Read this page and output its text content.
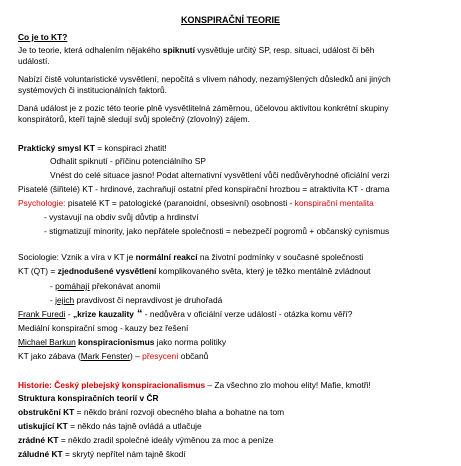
KONSPIRAČNÍ TEORIE
Co je to KT?
Je to teorie, která odhalením nějakého spiknutí vysvětluje určitý SP, resp. situaci, událost či běh
událostí.
Nabízí čistě voluntaristické vysvětlení, nepočítá s vlivem náhody, nezamýšlených důsledků ani jiných
systémových či institucionálních faktorů.
Daná událost je z pozic této teorie plně vysvětlitelná záměrnou, účelovou aktivitou konkrétní skupiny
konspirátorů, kteří tajně sledují svůj společný (zlovolný) zájem.
Praktický smysl KT = konspiraci zhatit!
Odhalit spiknutí - příčinu potenciálního SP
Vnést do celé situace jasno! Podat alternativní vysvětlení vůči nedůvěryhodné oficiální verzi
Pisatelé (šiřitelé) KT - hrdinové, zachraňují ostatní před konspirační hrozbou = atraktivita KT - drama
Psychologie: pisatelé KT = patologické (paranoidní, obsesivní) osobnosti - konspirační mentalita
- vystavují na obdiv svůj důvtip a hrdinství
- stigmatizují minority, jako nepřátele společnosti = nebezpečí pogromů + občanský cynismus
Sociologie: Vznik a víra v KT je normální reakcí na životní podmínky v současné společnosti
KT (QT) = zjednodušené vysvětlení komplikovaného světa, který je těžko mentálně zvládnout
- pomáhají překonávat anomii
- jejich pravdivost či nepravdivost je druhořadá
Frank Furedi - „krize kauzality “ - nedůvěra v oficiální verze událostí - otázka komu věří?
Mediální konspirační smog - kauzy bez řešení
Michael Barkun konspiracionismus jako norma politiky
KT jako zábava (Mark Fenster) – přesycení občanů
Historie: Český plebejský konspiracionalismus – Za všechno zlo mohou elity! Mafie, kmotři!
Struktura konspiračních teorií v ČR
obstrukční KT = někdo brání rozvoji obecného blaha a bohatne na tom
utiskující KT = někdo nás tajně ovládá a utlačuje
zrádné KT = někdo zradil společné ideály výměnou za moc a peníze
záludné KT = skrytý nepřítel nám tajně škodí
